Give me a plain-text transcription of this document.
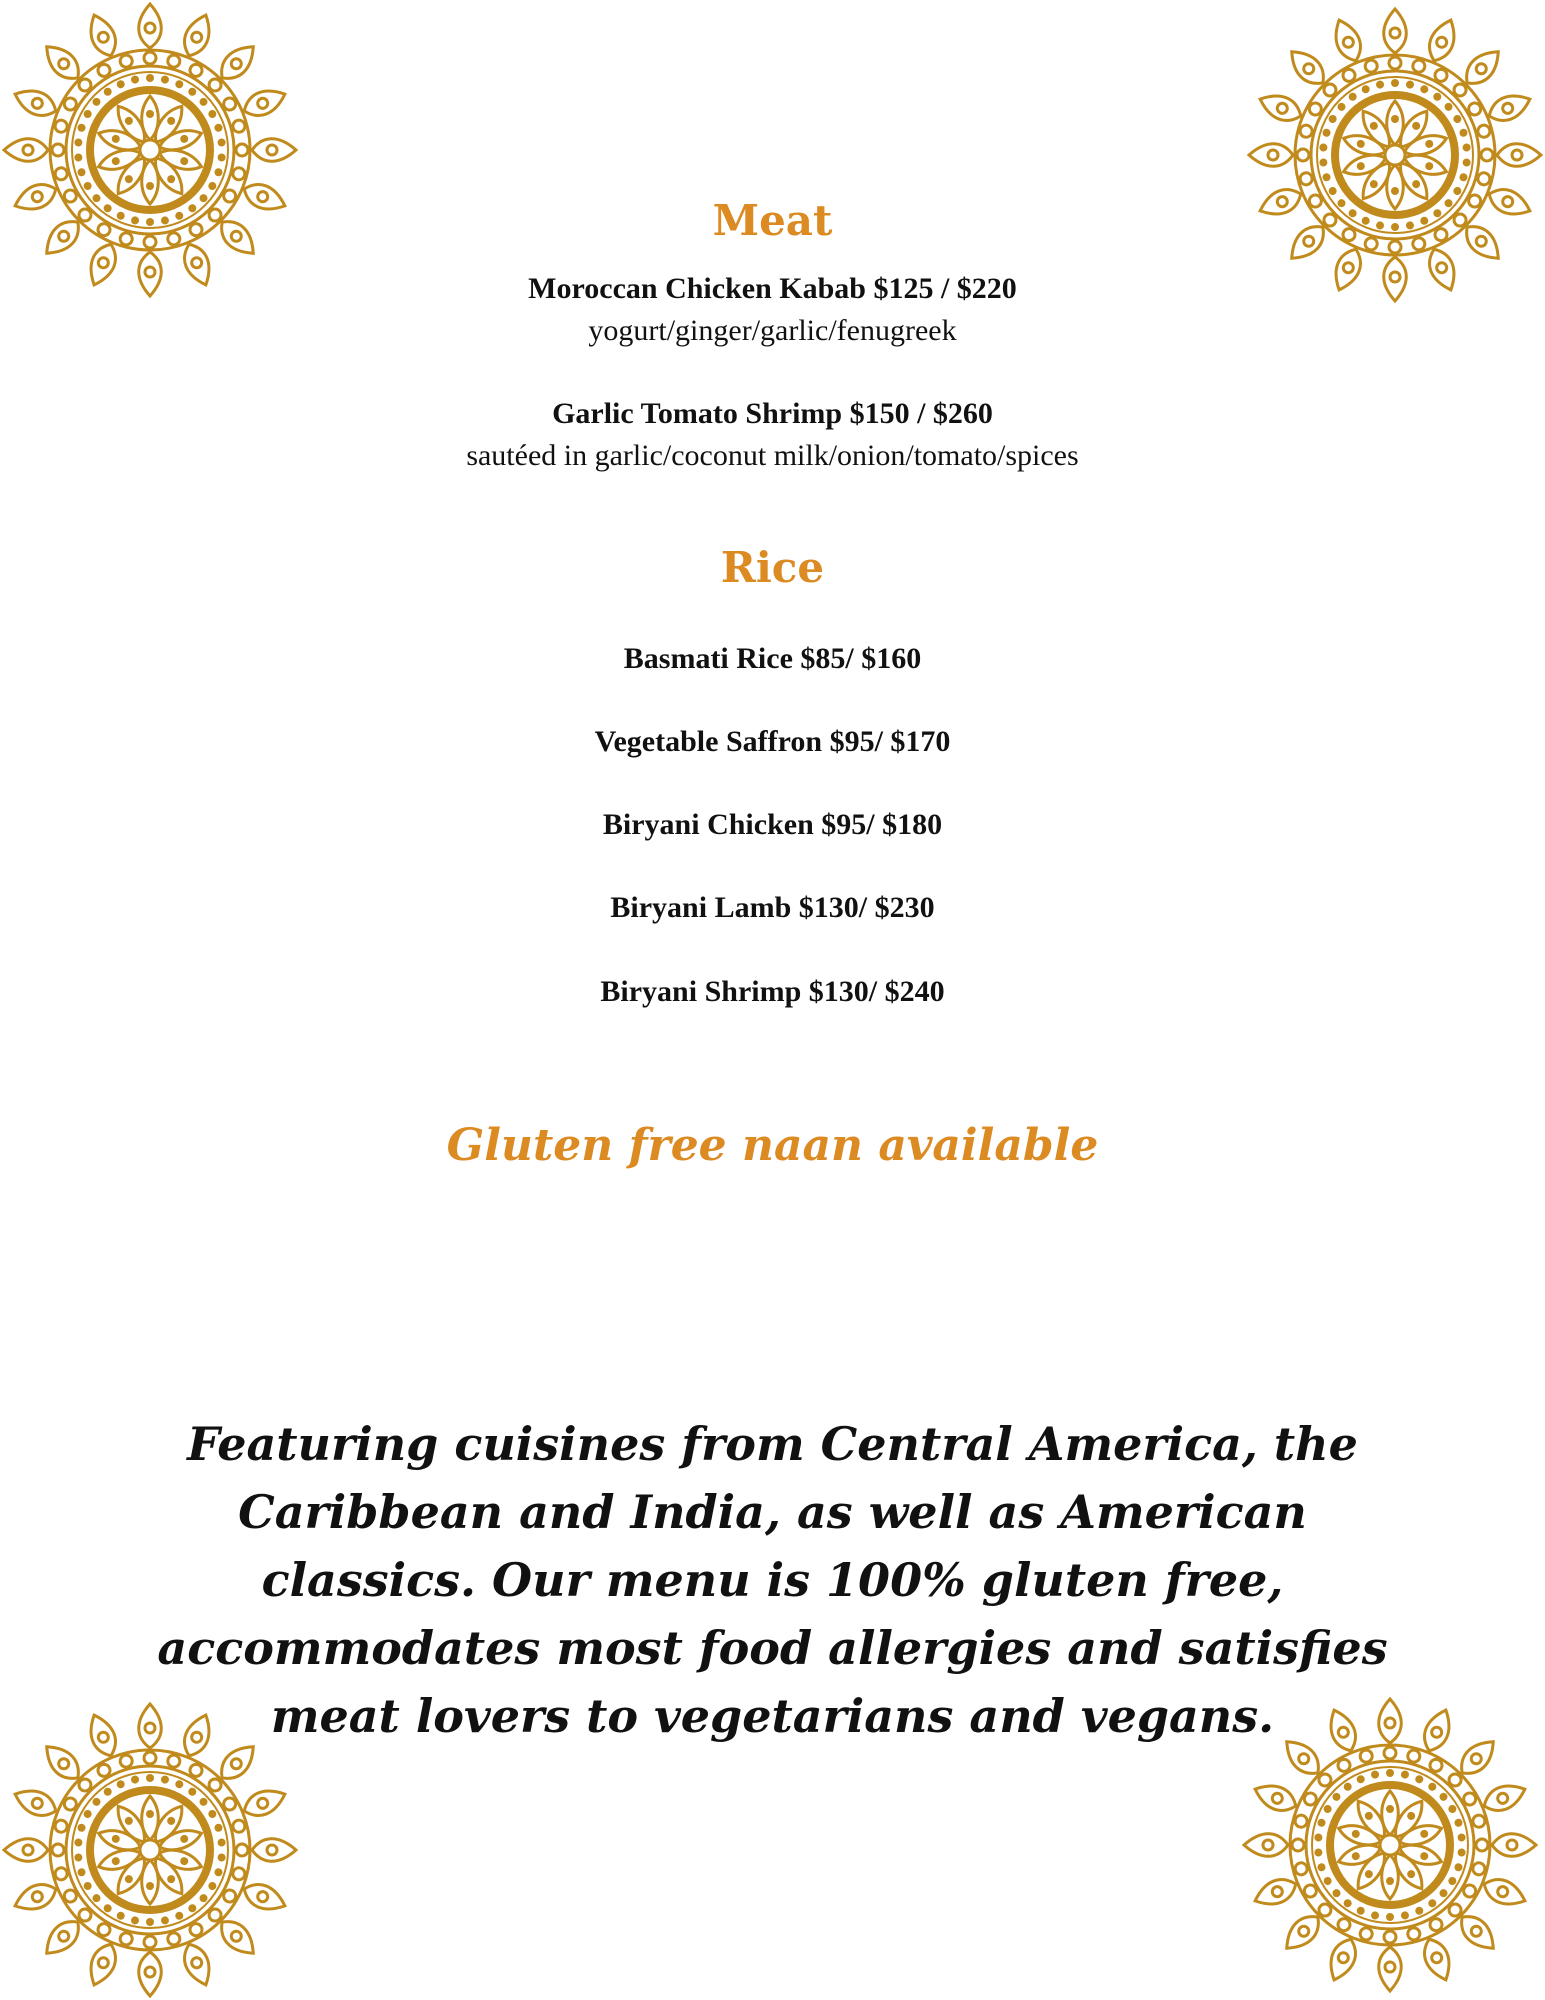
Meat
Moroccan Chicken Kabab $125 / $220
yogurt/ginger/garlic/fenugreek
Garlic Tomato Shrimp $150 / $260
sautéed in garlic/coconut milk/onion/tomato/spices
Rice
Basmati Rice $85/ $160
Vegetable Saffron $95/ $170
Biryani Chicken $95/ $180
Biryani Lamb $130/ $230
Biryani Shrimp $130/ $240
Gluten free naan available
Featuring cuisines from Central America, the Caribbean and India, as well as American classics. Our menu is 100% gluten free, accommodates most food allergies and satisfies meat lovers to vegetarians and vegans.
